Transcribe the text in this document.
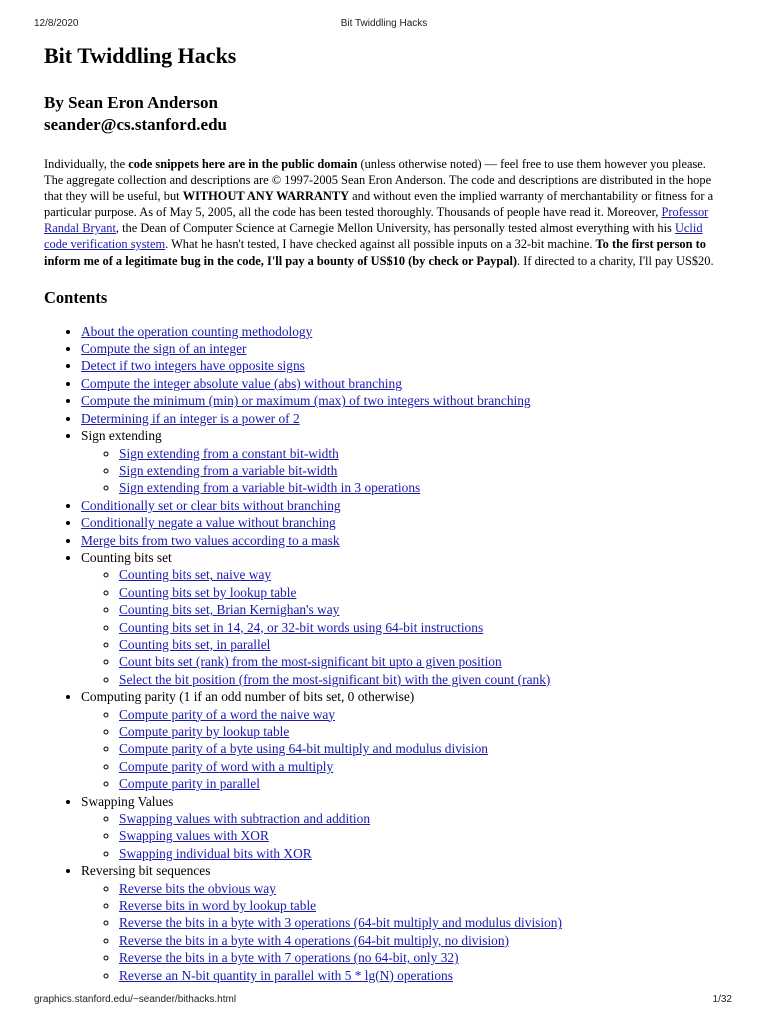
12/8/2020	Bit Twiddling Hacks
Bit Twiddling Hacks
By Sean Eron Anderson
seander@cs.stanford.edu
Individually, the code snippets here are in the public domain (unless otherwise noted) — feel free to use them however you please. The aggregate collection and descriptions are © 1997-2005 Sean Eron Anderson. The code and descriptions are distributed in the hope that they will be useful, but WITHOUT ANY WARRANTY and without even the implied warranty of merchantability or fitness for a particular purpose. As of May 5, 2005, all the code has been tested thoroughly. Thousands of people have read it. Moreover, Professor Randal Bryant, the Dean of Computer Science at Carnegie Mellon University, has personally tested almost everything with his Uclid code verification system. What he hasn't tested, I have checked against all possible inputs on a 32-bit machine. To the first person to inform me of a legitimate bug in the code, I'll pay a bounty of US$10 (by check or Paypal). If directed to a charity, I'll pay US$20.
Contents
• About the operation counting methodology
• Compute the sign of an integer
• Detect if two integers have opposite signs
• Compute the integer absolute value (abs) without branching
• Compute the minimum (min) or maximum (max) of two integers without branching
• Determining if an integer is a power of 2
• Sign extending
◦ Sign extending from a constant bit-width
◦ Sign extending from a variable bit-width
◦ Sign extending from a variable bit-width in 3 operations
• Conditionally set or clear bits without branching
• Conditionally negate a value without branching
• Merge bits from two values according to a mask
• Counting bits set
◦ Counting bits set, naive way
◦ Counting bits set by lookup table
◦ Counting bits set, Brian Kernighan's way
◦ Counting bits set in 14, 24, or 32-bit words using 64-bit instructions
◦ Counting bits set, in parallel
◦ Count bits set (rank) from the most-significant bit upto a given position
◦ Select the bit position (from the most-significant bit) with the given count (rank)
• Computing parity (1 if an odd number of bits set, 0 otherwise)
◦ Compute parity of a word the naive way
◦ Compute parity by lookup table
◦ Compute parity of a byte using 64-bit multiply and modulus division
◦ Compute parity of word with a multiply
◦ Compute parity in parallel
• Swapping Values
◦ Swapping values with subtraction and addition
◦ Swapping values with XOR
◦ Swapping individual bits with XOR
• Reversing bit sequences
◦ Reverse bits the obvious way
◦ Reverse bits in word by lookup table
◦ Reverse the bits in a byte with 3 operations (64-bit multiply and modulus division)
◦ Reverse the bits in a byte with 4 operations (64-bit multiply, no division)
◦ Reverse the bits in a byte with 7 operations (no 64-bit, only 32)
◦ Reverse an N-bit quantity in parallel with 5 * lg(N) operations
graphics.stanford.edu/~seander/bithacks.html	1/32
